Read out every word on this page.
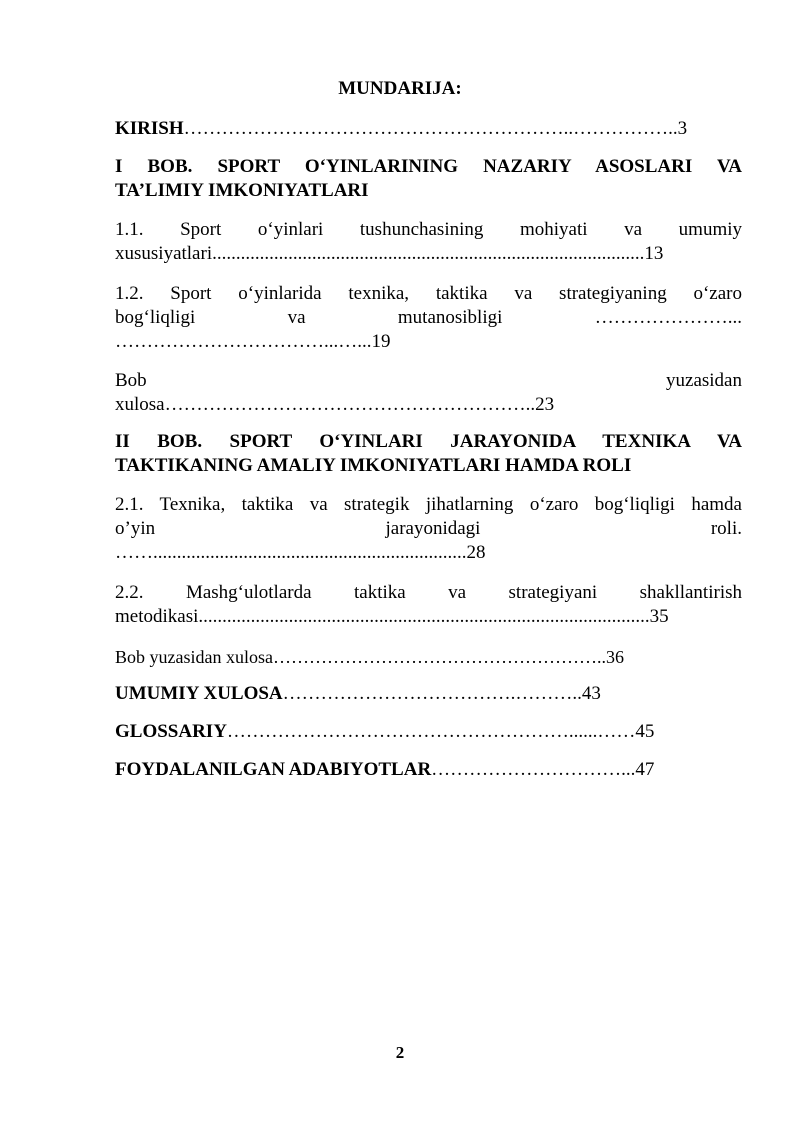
MUNDARIJA:
KIRISH……………………………………………………..……………..3
I BOB. SPORT O‘YINLARINING NAZARIY ASOSLARI VA
TA’LIMIY IMKONIYATLARI
1.1. Sport o‘yinlari tushunchasining mohiyati va umumiy
xususiyatlari...........................................................................................13
1.2. Sport o‘yinlarida texnika, taktika va strategiyaning o‘zaro
bog‘liqligi va mutanosibligi …………………...
……………………………...…...19
Bob yuzasidan
xulosa…………………………………………………..23
II BOB. SPORT O‘YINLARI JARAYONIDA TEXNIKA VA
TAKTIKANING AMALIY IMKONIYATLARI HAMDA ROLI
2.1. Texnika, taktika va strategik jihatlarning o‘zaro bog‘liqligi hamda
o’yin jarayonidagi roli.
……..................................................................28
2.2. Mashg‘ulotlarda taktika va strategiyani shakllantirish
metodikasi...............................................................................................35
Bob yuzasidan xulosa………………………………………………..36
UMUMIY XULOSA……………………………….………..43
GLOSSARIY………………………………………………......……45
FOYDALANILGAN ADABIYOTLAR…………………………...47
2
